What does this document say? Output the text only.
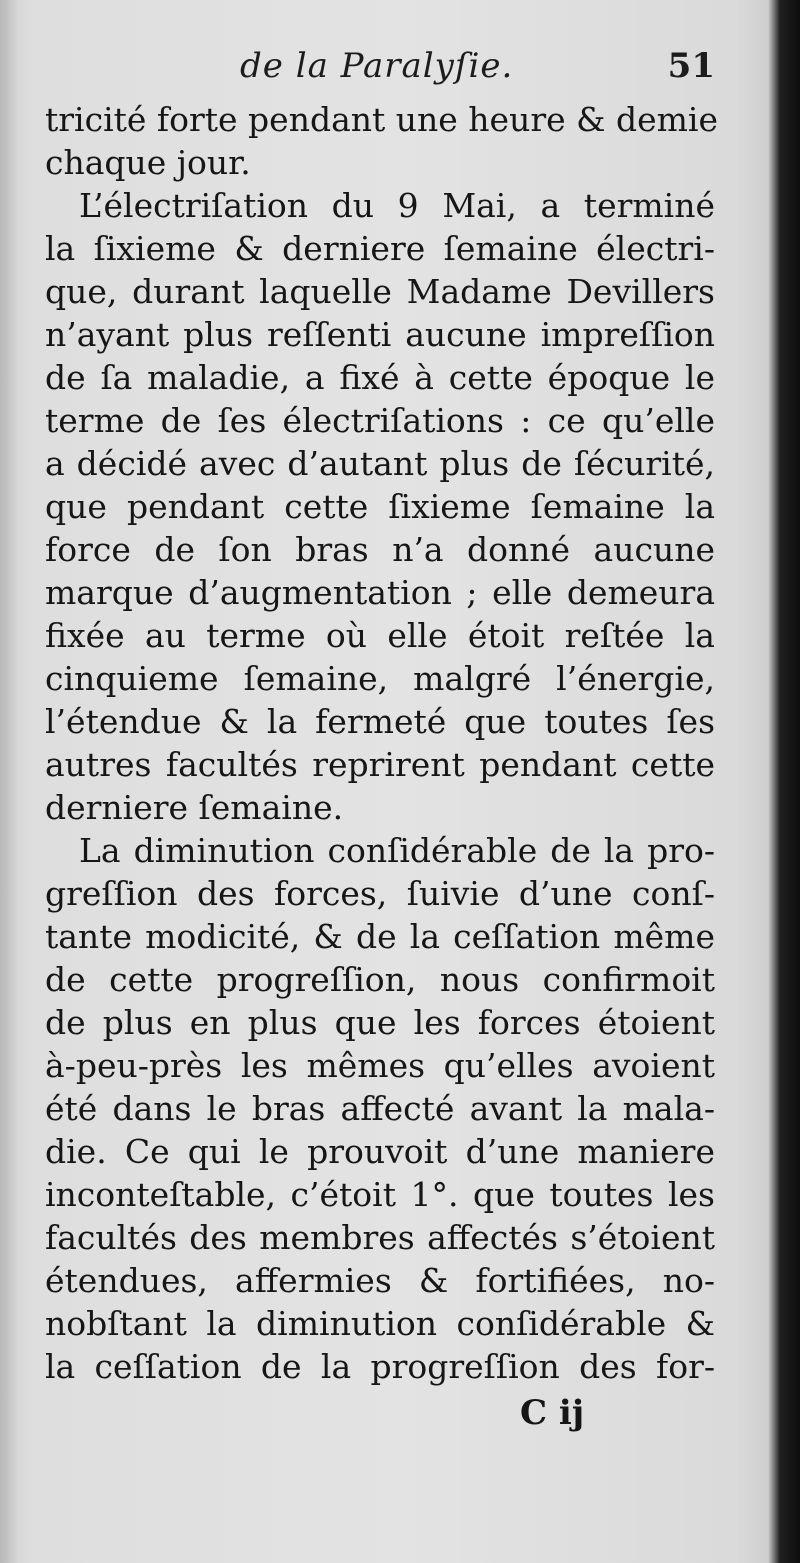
de la Paralyſie.	51
tricité forte pendant une heure & demie
chaque jour.
L’électriſation du 9 Mai, a terminé
la ſixieme & derniere ſemaine électri-
que, durant laquelle Madame Devillers
n’ayant plus reſſenti aucune impreſſion
de ſa maladie, a fixé à cette époque le
terme de ſes électriſations : ce qu’elle
a décidé avec d’autant plus de ſécurité,
que pendant cette ſixieme ſemaine la
force de ſon bras n’a donné aucune
marque d’augmentation ; elle demeura
fixée au terme où elle étoit reſtée la
cinquieme ſemaine, malgré l’énergie,
l’étendue & la fermeté que toutes ſes
autres facultés reprirent pendant cette
derniere ſemaine.
La diminution conſidérable de la pro-
greſſion des forces, ſuivie d’une conſ-
tante modicité, & de la ceſſation même
de cette progreſſion, nous confirmoit
de plus en plus que les forces étoient
à-peu-près les mêmes qu’elles avoient
été dans le bras affecté avant la mala-
die. Ce qui le prouvoit d’une maniere
inconteſtable, c’étoit 1°. que toutes les
facultés des membres affectés s’étoient
étendues, affermies & fortifiées, no-
nobſtant la diminution conſidérable &
la ceſſation de la progreſſion des for-
C ij
